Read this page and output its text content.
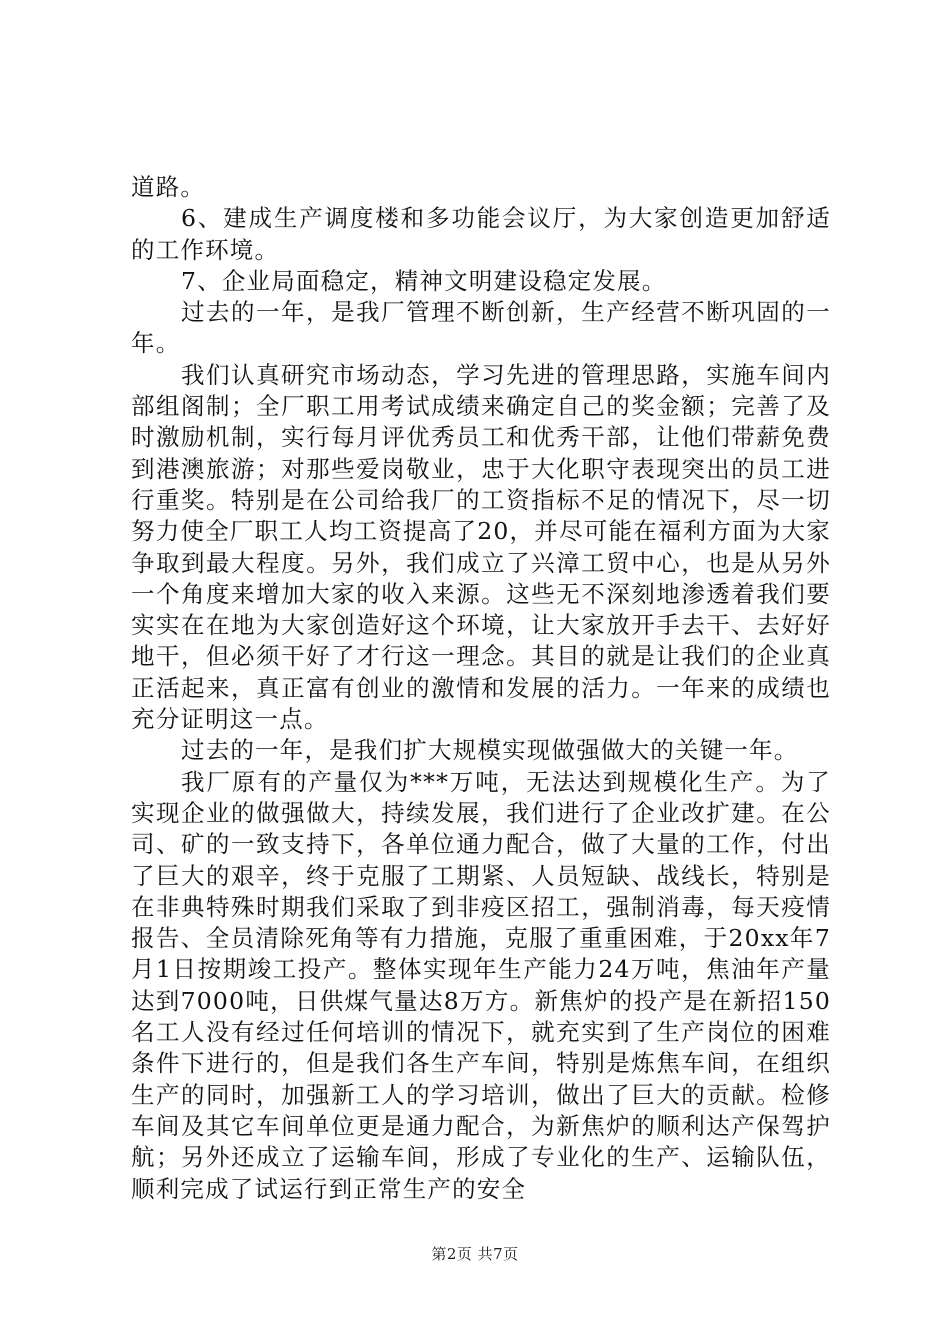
道路。

6、建成生产调度楼和多功能会议厅，为大家创造更加舒适的工作环境。

7、企业局面稳定，精神文明建设稳定发展。

过去的一年，是我厂管理不断创新，生产经营不断巩固的一年。

我们认真研究市场动态，学习先进的管理思路，实施车间内部组阁制；全厂职工用考试成绩来确定自己的奖金额；完善了及时激励机制，实行每月评优秀员工和优秀干部，让他们带薪免费到港澳旅游；对那些爱岗敬业，忠于大化职守表现突出的员工进行重奖。特别是在公司给我厂的工资指标不足的情况下，尽一切努力使全厂职工人均工资提高了20，并尽可能在福利方面为大家争取到最大程度。另外，我们成立了兴漳工贸中心，也是从另外一个角度来增加大家的收入来源。这些无不深刻地渗透着我们要实实在在地为大家创造好这个环境，让大家放开手去干、去好好地干，但必须干好了才行这一理念。其目的就是让我们的企业真正活起来，真正富有创业的激情和发展的活力。一年来的成绩也充分证明这一点。

过去的一年，是我们扩大规模实现做强做大的关键一年。

我厂原有的产量仅为***万吨，无法达到规模化生产。为了实现企业的做强做大，持续发展，我们进行了企业改扩建。在公司、矿的一致支持下，各单位通力配合，做了大量的工作，付出了巨大的艰辛，终于克服了工期紧、人员短缺、战线长，特别是在非典特殊时期我们采取了到非疫区招工，强制消毒，每天疫情报告、全员清除死角等有力措施，克服了重重困难，于20xx年7月1日按期竣工投产。整体实现年生产能力24万吨，焦油年产量达到7000吨，日供煤气量达8万方。新焦炉的投产是在新招150名工人没有经过任何培训的情况下，就充实到了生产岗位的困难条件下进行的，但是我们各生产车间，特别是炼焦车间，在组织生产的同时，加强新工人的学习培训，做出了巨大的贡献。检修车间及其它车间单位更是通力配合，为新焦炉的顺利达产保驾护航；另外还成立了运输车间，形成了专业化的生产、运输队伍，顺利完成了试运行到正常生产的安全

第2页 共7页
